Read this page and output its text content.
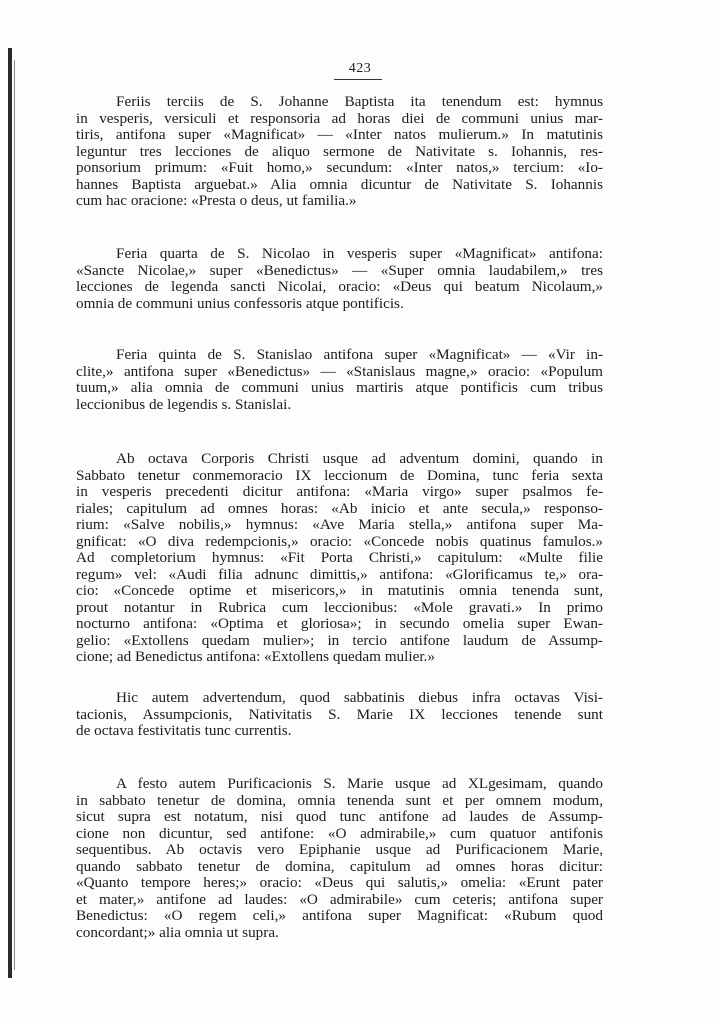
423
Feriis terciis de S. Johanne Baptista ita tenendum est: hymnus
in vesperis, versiculi et responsoria ad horas diei de communi unius mar-
tiris, antifona super «Magnificat» — «Inter natos mulierum.» In matutinis
leguntur tres lecciones de aliquo sermone de Nativitate s. Iohannis, res-
ponsorium primum: «Fuit homo,» secundum: «Inter natos,» tercium: «Io-
hannes Baptista arguebat.» Alia omnia dicuntur de Nativitate S. Iohannis
cum hac oracione: «Presta o deus, ut familia.»
Feria quarta de S. Nicolao in vesperis super «Magnificat» antifona:
«Sancte Nicolae,» super «Benedictus» — «Super omnia laudabilem,» tres
lecciones de legenda sancti Nicolai, oracio: «Deus qui beatum Nicolaum,»
omnia de communi unius confessoris atque pontificis.
Feria quinta de S. Stanislao antifona super «Magnificat» — «Vir in-
clite,» antifona super «Benedictus» — «Stanislaus magne,» oracio: «Populum
tuum,» alia omnia de communi unius martiris atque pontificis cum tribus
leccionibus de legendis s. Stanislai.
Ab octava Corporis Christi usque ad adventum domini, quando in
Sabbato tenetur conmemoracio IX leccionum de Domina, tunc feria sexta
in vesperis precedenti dicitur antifona: «Maria virgo» super psalmos fe-
riales; capitulum ad omnes horas: «Ab inicio et ante secula,» responso-
rium: «Salve nobilis,» hymnus: «Ave Maria stella,» antifona super Ma-
gnificat: «O diva redempcionis,» oracio: «Concede nobis quatinus famulos.»
Ad completorium hymnus: «Fit Porta Christi,» capitulum: «Multe filie
regum» vel: «Audi filia adnunc dimittis,» antifona: «Glorificamus te,» ora-
cio: «Concede optime et misericors,» in matutinis omnia tenenda sunt,
prout notantur in Rubrica cum leccionibus: «Mole gravati.» In primo
nocturno antifona: «Optima et gloriosa»; in secundo omelia super Ewan-
gelio: «Extollens quedam mulier»; in tercio antifone laudum de Assump-
cione; ad Benedictus antifona: «Extollens quedam mulier.»
Hic autem advertendum, quod sabbatinis diebus infra octavas Visi-
tacionis, Assumpcionis, Nativitatis S. Marie IX lecciones tenende sunt
de octava festivitatis tunc currentis.
A festo autem Purificacionis S. Marie usque ad XLgesimam, quando
in sabbato tenetur de domina, omnia tenenda sunt et per omnem modum,
sicut supra est notatum, nisi quod tunc antifone ad laudes de Assump-
cione non dicuntur, sed antifone: «O admirabile,» cum quatuor antifonis
sequentibus. Ab octavis vero Epiphanie usque ad Purificacionem Marie,
quando sabbato tenetur de domina, capitulum ad omnes horas dicitur:
«Quanto tempore heres;» oracio: «Deus qui salutis,» omelia: «Erunt pater
et mater,» antifone ad laudes: «O admirabile» cum ceteris; antifona super
Benedictus: «O regem celi,» antifona super Magnificat: «Rubum quod
concordant;» alia omnia ut supra.
